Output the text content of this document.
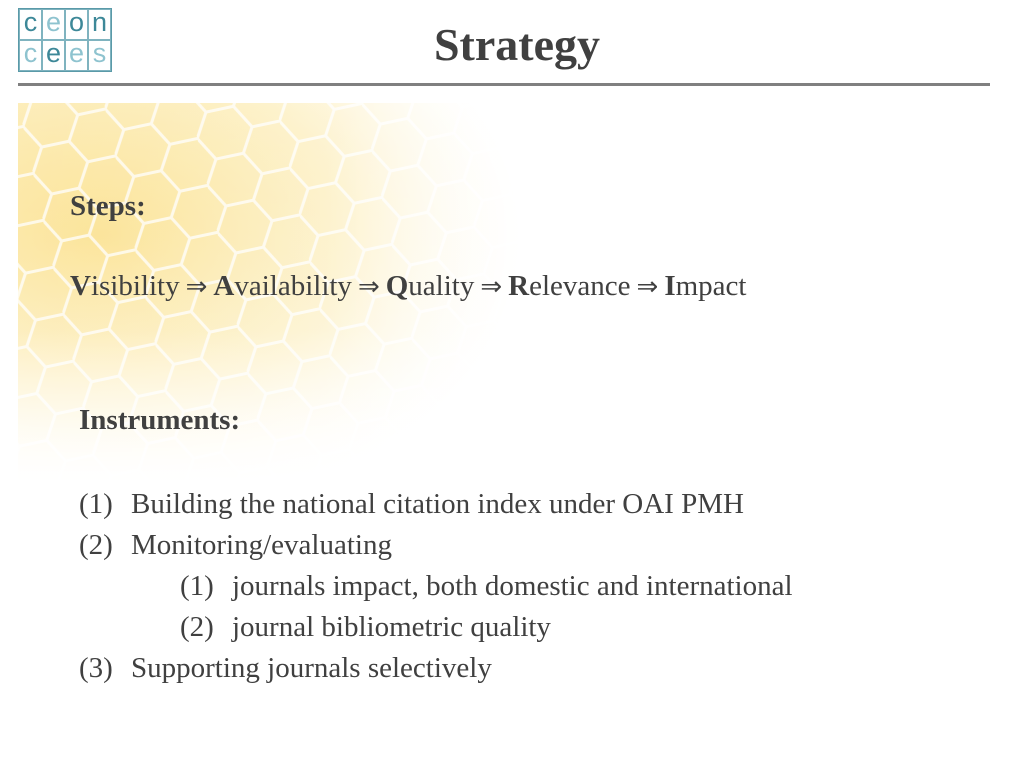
c e o n
c e e s	Strategy
Steps:
Visibility ⇒ Availability ⇒ Quality ⇒ Relevance ⇒ Impact
Instruments:
(1) Building the national citation index under OAI PMH
(2) Monitoring/evaluating
(1) journals impact, both domestic and international
(2) journal bibliometric quality
(3) Supporting journals selectively
